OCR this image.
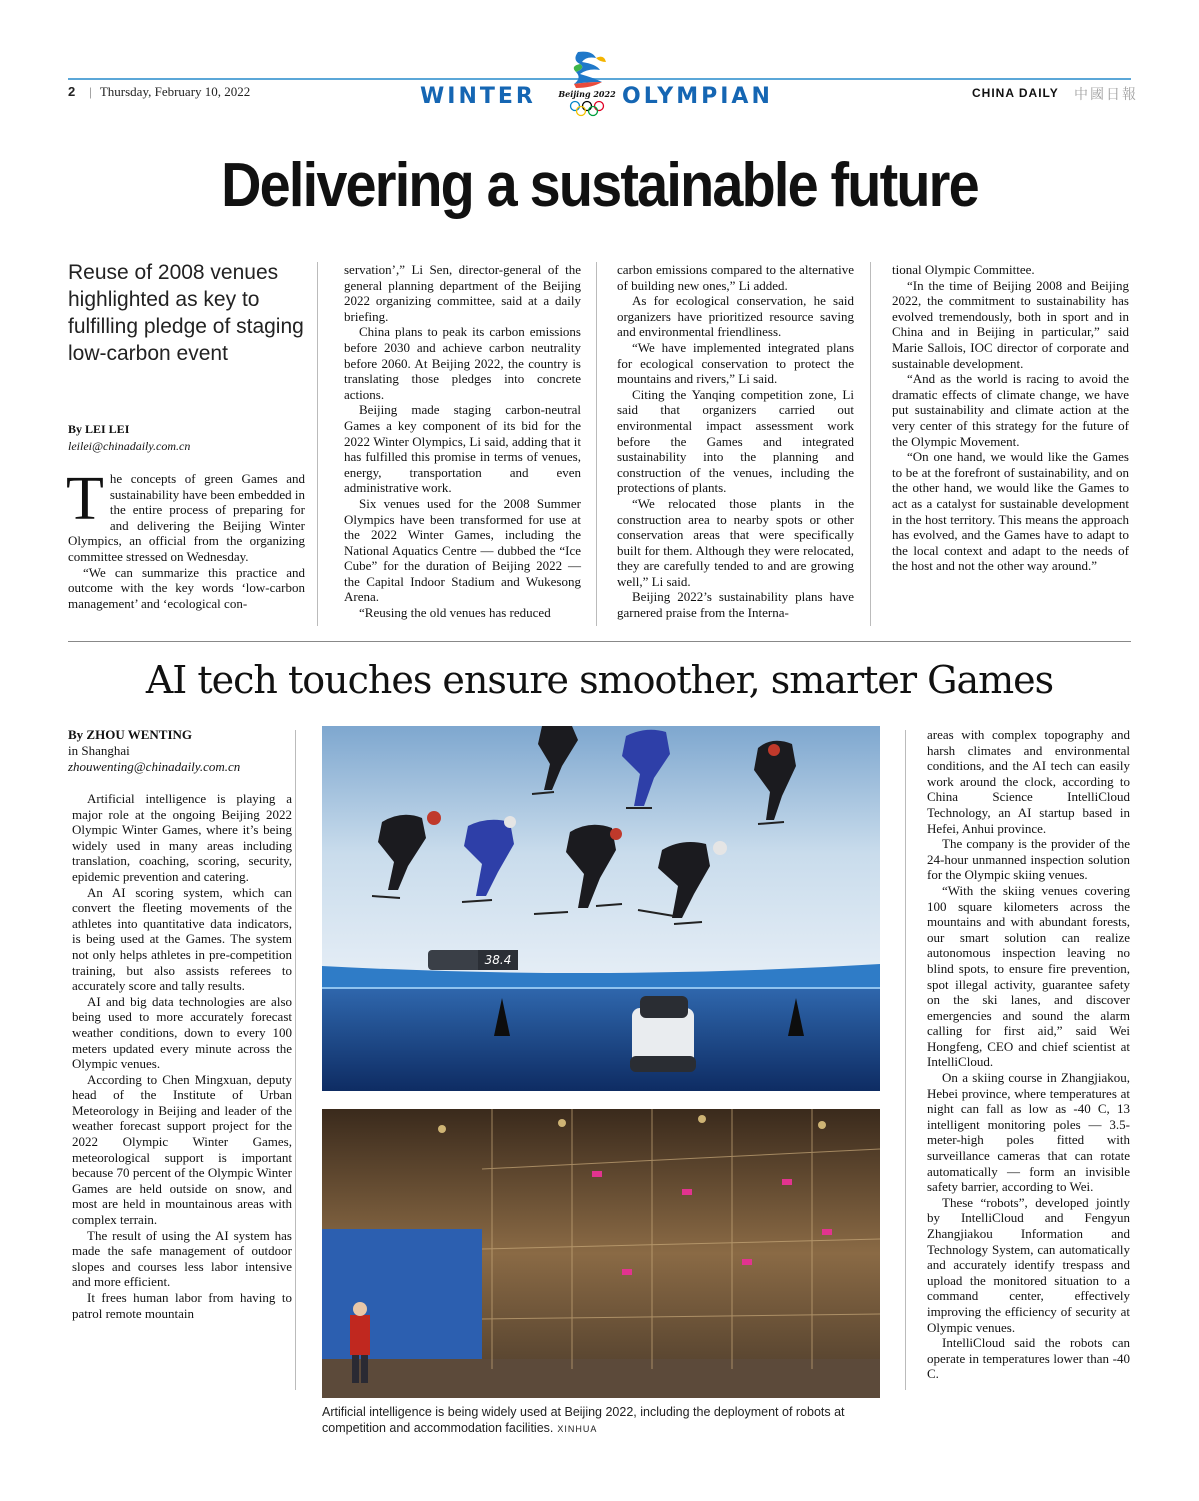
2 | Thursday, February 10, 2022	WINTER	OLYMPIAN
Beijing 2022	CHINA DAILY 中國日報
Delivering a sustainable future
Reuse of 2008 venues highlighted as key to fulfilling pledge of staging low-carbon event
By LEI LEI
leilei@chinadaily.com.cn
T he concepts of green Games and sustainability have been embedded in the entire process of preparing for and delivering the Beijing Winter Olympics, an official from the organizing committee stressed on Wednesday.

“We can summarize this practice and outcome with the key words ‘low-carbon management’ and ‘ecological con-

servation’,” Li Sen, director-general of the general planning department of the Beijing 2022 organizing committee, said at a daily briefing.

China plans to peak its carbon emissions before 2030 and achieve carbon neutrality before 2060. At Beijing 2022, the country is translating those pledges into concrete actions.

Beijing made staging carbon-neutral Games a key component of its bid for the 2022 Winter Olympics, Li said, adding that it has fulfilled this promise in terms of venues, energy, transportation and even administrative work.

Six venues used for the 2008 Summer Olympics have been transformed for use at the 2022 Winter Games, including the National Aquatics Centre — dubbed the “Ice Cube” for the duration of Beijing 2022 — the Capital Indoor Stadium and Wukesong Arena.

“Reusing the old venues has reduced

carbon emissions compared to the alternative of building new ones,” Li added.

As for ecological conservation, he said organizers have prioritized resource saving and environmental friendliness.

“We have implemented integrated plans for ecological conservation to protect the mountains and rivers,” Li said.

Citing the Yanqing competition zone, Li said that organizers carried out environmental impact assessment work before the Games and integrated sustainability into the planning and construction of the venues, including the protections of plants.

“We relocated those plants in the construction area to nearby spots or other conservation areas that were specifically built for them. Although they were relocated, they are carefully tended to and are growing well,” Li said.

Beijing 2022’s sustainability plans have garnered praise from the Interna-

tional Olympic Committee.

“In the time of Beijing 2008 and Beijing 2022, the commitment to sustainability has evolved tremendously, both in sport and in China and in Beijing in particular,” said Marie Sallois, IOC director of corporate and sustainable development.

“And as the world is racing to avoid the dramatic effects of climate change, we have put sustainability and climate action at the very center of this strategy for the future of the Olympic Movement.

“On one hand, we would like the Games to be at the forefront of sustainability, and on the other hand, we would like the Games to act as a catalyst for sustainable development in the host territory. This means the approach has evolved, and the Games have to adapt to the local context and adapt to the needs of the host and not the other way around.”

AI tech touches ensure smoother, smarter Games
By ZHOU WENTING
in Shanghai
zhouwenting@chinadaily.com.cn

Artificial intelligence is playing a major role at the ongoing Beijing 2022 Olympic Winter Games, where it’s being widely used in many areas including translation, coaching, scoring, security, epidemic prevention and catering.

An AI scoring system, which can convert the fleeting movements of the athletes into quantitative data indicators, is being used at the Games. The system not only helps athletes in pre-competition training, but also assists referees to accurately score and tally results.

AI and big data technologies are also being used to more accurately forecast weather conditions, down to every 100 meters updated every minute across the Olympic venues.

According to Chen Mingxuan, deputy head of the Institute of Urban Meteorology in Beijing and leader of the weather forecast support project for the 2022 Olympic Winter Games, meteorological support is important because 70 percent of the Olympic Winter Games are held outside on snow, and most are held in mountainous areas with complex terrain.

The result of using the AI system has made the safe management of outdoor slopes and courses less labor intensive and more efficient.

It frees human labor from having to patrol remote mountain

38.4
Artificial intelligence is being widely used at Beijing 2022, including the deployment of robots at competition and accommodation facilities. XINHUA

areas with complex topography and harsh climates and environmental conditions, and the AI tech can easily work around the clock, according to China Science IntelliCloud Technology, an AI startup based in Hefei, Anhui province.

The company is the provider of the 24-hour unmanned inspection solution for the Olympic skiing venues.

“With the skiing venues covering 100 square kilometers across the mountains and with abundant forests, our smart solution can realize autonomous inspection leaving no blind spots, to ensure fire prevention, spot illegal activity, guarantee safety on the ski lanes, and discover emergencies and sound the alarm calling for first aid,” said Wei Hongfeng, CEO and chief scientist at IntelliCloud.

On a skiing course in Zhangjiakou, Hebei province, where temperatures at night can fall as low as -40 C, 13 intelligent monitoring poles — 3.5-meter-high poles fitted with surveillance cameras that can rotate automatically — form an invisible safety barrier, according to Wei.

These “robots”, developed jointly by IntelliCloud and Fengyun Zhangjiakou Information and Technology System, can automatically and accurately identify trespass and upload the monitored situation to a command center, effectively improving the efficiency of security at Olympic venues.

IntelliCloud said the robots can operate in temperatures lower than -40 C.
